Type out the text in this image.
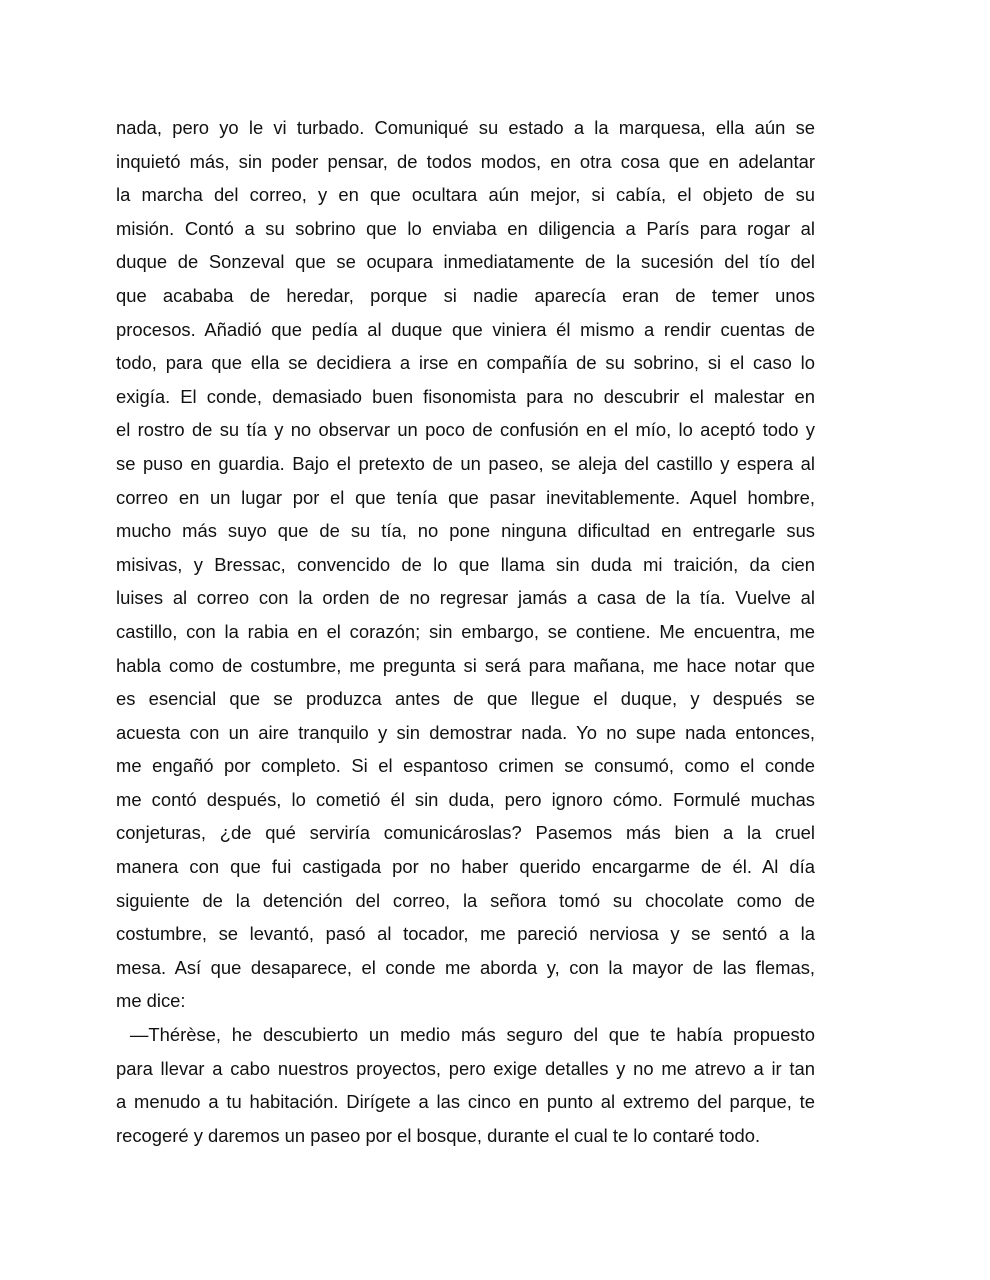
nada, pero yo le vi turbado. Comuniqué su estado a la marquesa, ella aún se
inquietó más, sin poder pensar, de todos modos, en otra cosa que en adelantar
la marcha del correo, y en que ocultara aún mejor, si cabía, el objeto de su
misión. Contó a su sobrino que lo enviaba en diligencia a París para rogar al
duque de Sonzeval que se ocupara inmediatamente de la sucesión del tío del
que acababa de heredar, porque si nadie aparecía eran de temer unos
procesos. Añadió que pedía al duque que viniera él mismo a rendir cuentas de
todo, para que ella se decidiera a irse en compañía de su sobrino, si el caso lo
exigía. El conde, demasiado buen fisonomista para no descubrir el malestar en
el rostro de su tía y no observar un poco de confusión en el mío, lo aceptó todo y
se puso en guardia. Bajo el pretexto de un paseo, se aleja del castillo y espera al
correo en un lugar por el que tenía que pasar inevitablemente. Aquel hombre,
mucho más suyo que de su tía, no pone ninguna dificultad en entregarle sus
misivas, y Bressac, convencido de lo que llama sin duda mi traición, da cien
luises al correo con la orden de no regresar jamás a casa de la tía. Vuelve al
castillo, con la rabia en el corazón; sin embargo, se contiene. Me encuentra, me
habla como de costumbre, me pregunta si será para mañana, me hace notar que
es esencial que se produzca antes de que llegue el duque, y después se
acuesta con un aire tranquilo y sin demostrar nada. Yo no supe nada entonces,
me engañó por completo. Si el espantoso crimen se consumó, como el conde
me contó después, lo cometió él sin duda, pero ignoro cómo. Formulé muchas
conjeturas, ¿de qué serviría comunicároslas? Pasemos más bien a la cruel
manera con que fui castigada por no haber querido encargarme de él. Al día
siguiente de la detención del correo, la señora tomó su chocolate como de
costumbre, se levantó, pasó al tocador, me pareció nerviosa y se sentó a la
mesa. Así que desaparece, el conde me aborda y, con la mayor de las flemas,
me dice:
—Thérèse, he descubierto un medio más seguro del que te había propuesto
para llevar a cabo nuestros proyectos, pero exige detalles y no me atrevo a ir tan
a menudo a tu habitación. Dirígete a las cinco en punto al extremo del parque, te
recogeré y daremos un paseo por el bosque, durante el cual te lo contaré todo.
